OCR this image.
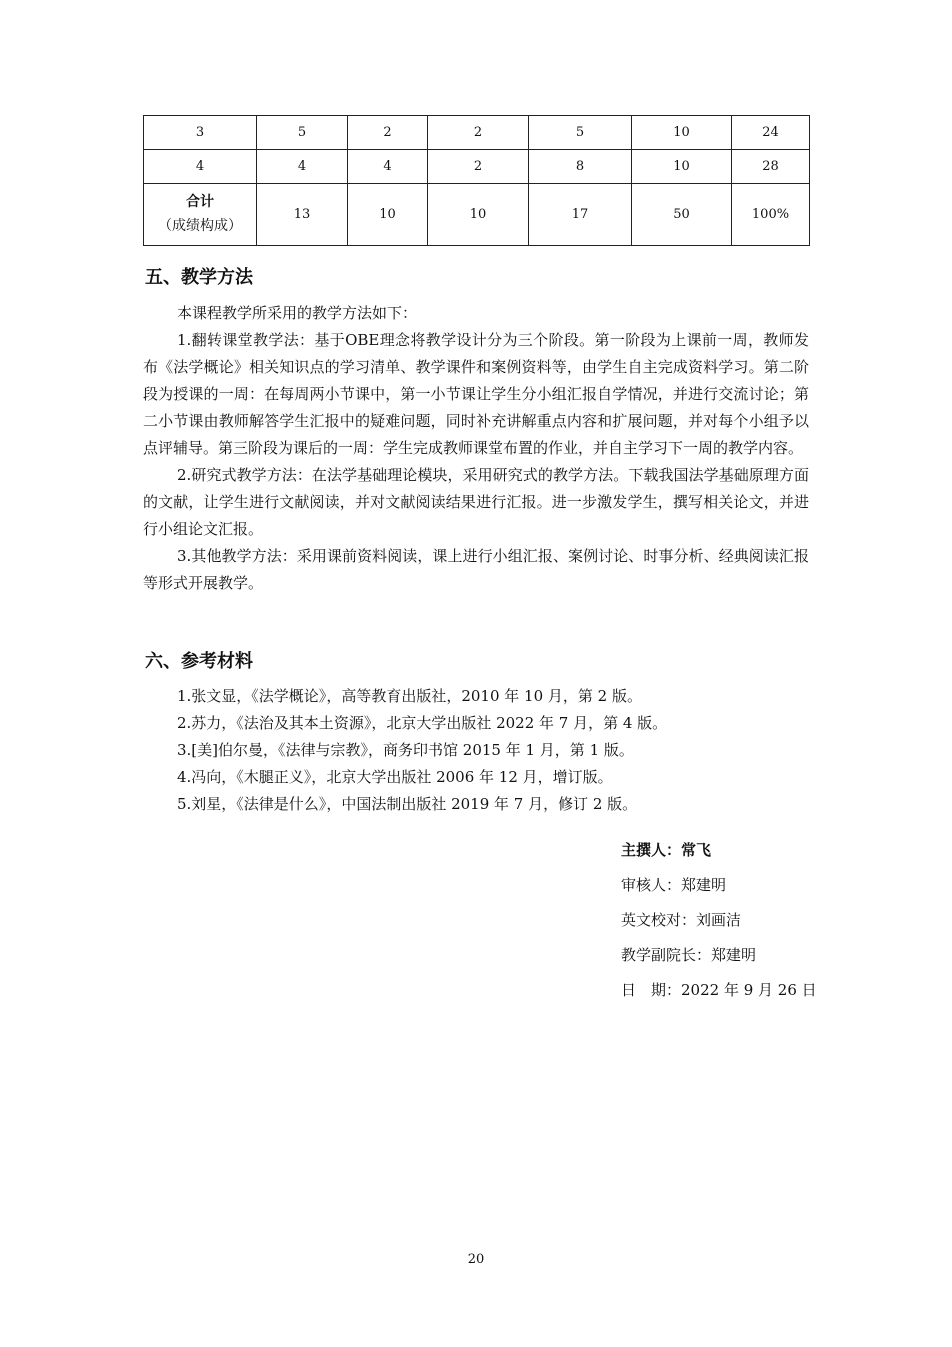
3	5	2	2	5	10	24
4	4	4	2	8	10	28

合计
（成绩构成）	13	10	10	17	50	100%
五、教学方法

本课程教学所采用的教学方法如下：

1.翻转课堂教学法：基于OBE理念将教学设计分为三个阶段。第一阶段为上课前一周，教师发布《法学概论》相关知识点的学习清单、教学课件和案例资料等，由学生自主完成资料学习。第二阶段为授课的一周：在每周两小节课中，第一小节课让学生分小组汇报自学情况，并进行交流讨论；第二小节课由教师解答学生汇报中的疑难问题，同时补充讲解重点内容和扩展问题，并对每个小组予以点评辅导。第三阶段为课后的一周：学生完成教师课堂布置的作业，并自主学习下一周的教学内容。

2.研究式教学方法：在法学基础理论模块，采用研究式的教学方法。下载我国法学基础原理方面的文献，让学生进行文献阅读，并对文献阅读结果进行汇报。进一步激发学生，撰写相关论文，并进行小组论文汇报。

3.其他教学方法：采用课前资料阅读，课上进行小组汇报、案例讨论、时事分析、经典阅读汇报等形式开展教学。

六、参考材料
1.张文显，《法学概论》，高等教育出版社，2010 年 10 月，第 2 版。
2.苏力，《法治及其本土资源》，北京大学出版社 2022 年 7 月，第 4 版。
3.[美]伯尔曼，《法律与宗教》，商务印书馆 2015 年 1 月，第 1 版。
4.冯向，《木腿正义》，北京大学出版社 2006 年 12 月，增订版。
5.刘星，《法律是什么》，中国法制出版社 2019 年 7 月，修订 2 版。
主撰人：常飞
审核人：郑建明
英文校对：刘画洁
教学副院长：郑建明
日　期：2022 年 9 月 26 日
20
